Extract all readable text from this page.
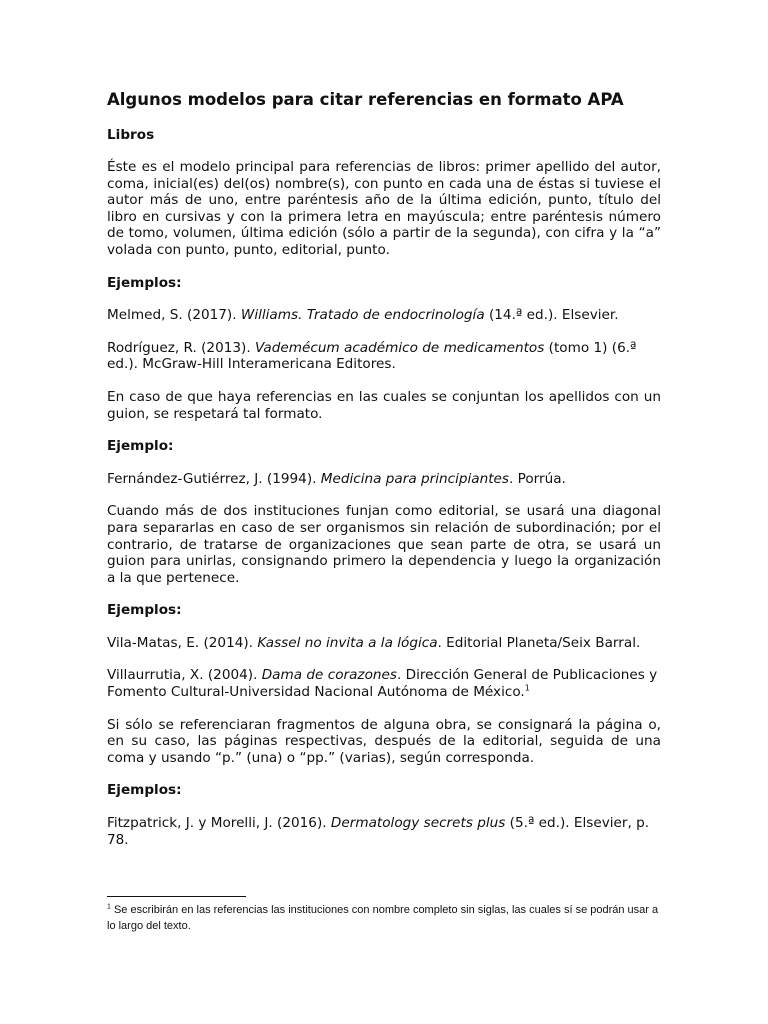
Algunos modelos para citar referencias en formato APA
Libros

Éste es el modelo principal para referencias de libros: primer apellido del autor, coma, inicial(es) del(os) nombre(s), con punto en cada una de éstas si tuviese el autor más de uno, entre paréntesis año de la última edición, punto, título del libro en cursivas y con la primera letra en mayúscula; entre paréntesis número de tomo, volumen, última edición (sólo a partir de la segunda), con cifra y la “a” volada con punto, punto, editorial, punto.

Ejemplos:

Melmed, S. (2017). Williams. Tratado de endocrinología (14.ª ed.). Elsevier.

Rodríguez, R. (2013). Vademécum académico de medicamentos (tomo 1) (6.ª ed.). McGraw-Hill Interamericana Editores.

En caso de que haya referencias en las cuales se conjuntan los apellidos con un guion, se respetará tal formato.

Ejemplo:

Fernández-Gutiérrez, J. (1994). Medicina para principiantes. Porrúa.

Cuando más de dos instituciones funjan como editorial, se usará una diagonal para separarlas en caso de ser organismos sin relación de subordinación; por el contrario, de tratarse de organizaciones que sean parte de otra, se usará un guion para unirlas, consignando primero la dependencia y luego la organización a la que pertenece.

Ejemplos:

Vila-Matas, E. (2014). Kassel no invita a la lógica. Editorial Planeta/Seix Barral.

Villaurrutia, X. (2004). Dama de corazones. Dirección General de Publicaciones y Fomento Cultural-Universidad Nacional Autónoma de México.$^1$

Si sólo se referenciaran fragmentos de alguna obra, se consignará la página o, en su caso, las páginas respectivas, después de la editorial, seguida de una coma y usando “p.” (una) o “pp.” (varias), según corresponda.

Ejemplos:

Fitzpatrick, J. y Morelli, J. (2016). Dermatology secrets plus (5.ª ed.). Elsevier, p. 78.

$^1$ Se escribirán en las referencias las instituciones con nombre completo sin siglas, las cuales sí se podrán usar a lo largo del texto.
